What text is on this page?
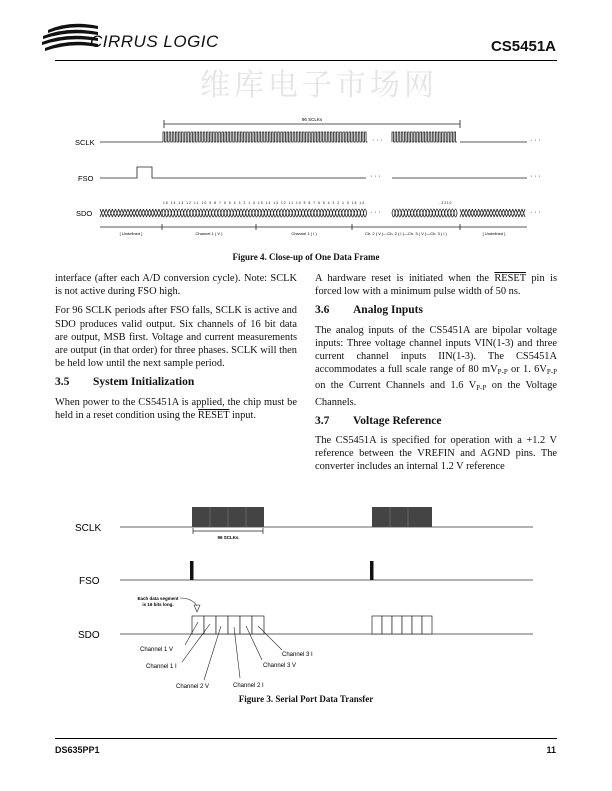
CIRRUS LOGIC	CS5451A
维库电子市场网
SCLK
FSO
SDO
96 SCLKs
· · ·	· · ·
· · ·	· · ·
· · ·	· · ·
15 14 13 12 11 10 9 8 7 6 5 4 3 2 1 0 15 14 13 12 11 10 9 8 7 6 5 4 3 2 1 0 15 14	... 3 2 1 0
[ Undefined ]	Channel 1 ( V )	Channel 1 ( I )	Ch. 2 ( V )—Ch. 2 ( I )—Ch. 3 ( V )—Ch. 3 ( I )	[ Undefined ]
Figure 4. Close-up of One Data Frame

interface (after each A/D conversion cycle). Note: SCLK is not active during FSO high.

For 96 SCLK periods after FSO falls, SCLK is active and SDO produces valid output. Six channels of 16 bit data are output, MSB first. Voltage and current measurements are output (in that order) for three phases. SCLK will then be held low until the next sample period.

3.5 System Initialization

When power to the CS5451A is applied, the chip must be held in a reset condition using the RESET input.

A hardware reset is initiated when the RESET pin is forced low with a minimum pulse width of 50 ns.

3.6 Analog Inputs

The analog inputs of the CS5451A are bipolar voltage inputs: Three voltage channel inputs VIN(1-3) and three current channel inputs IIN(1-3). The CS5451A accommodates a full scale range of 80 $mV_{P-P}$ or 1. $6V_{P-P}$ on the Current Channels and 1.6 $V_{P-P}$ on the Voltage Channels.

3.7 Voltage Reference

The CS5451A is specified for operation with a +1.2 V reference between the VREFIN and AGND pins. The converter includes an internal 1.2 V reference

96 SCLKs
SCLK
FSO
SDO
Each data segment
is 16 bits long.
Channel 1 V
Channel 1 I
Channel 2 V	Channel 2 I
Channel 3 V
Channel 3 I
Figure 3. Serial Port Data Transfer
DS635PP1	11
